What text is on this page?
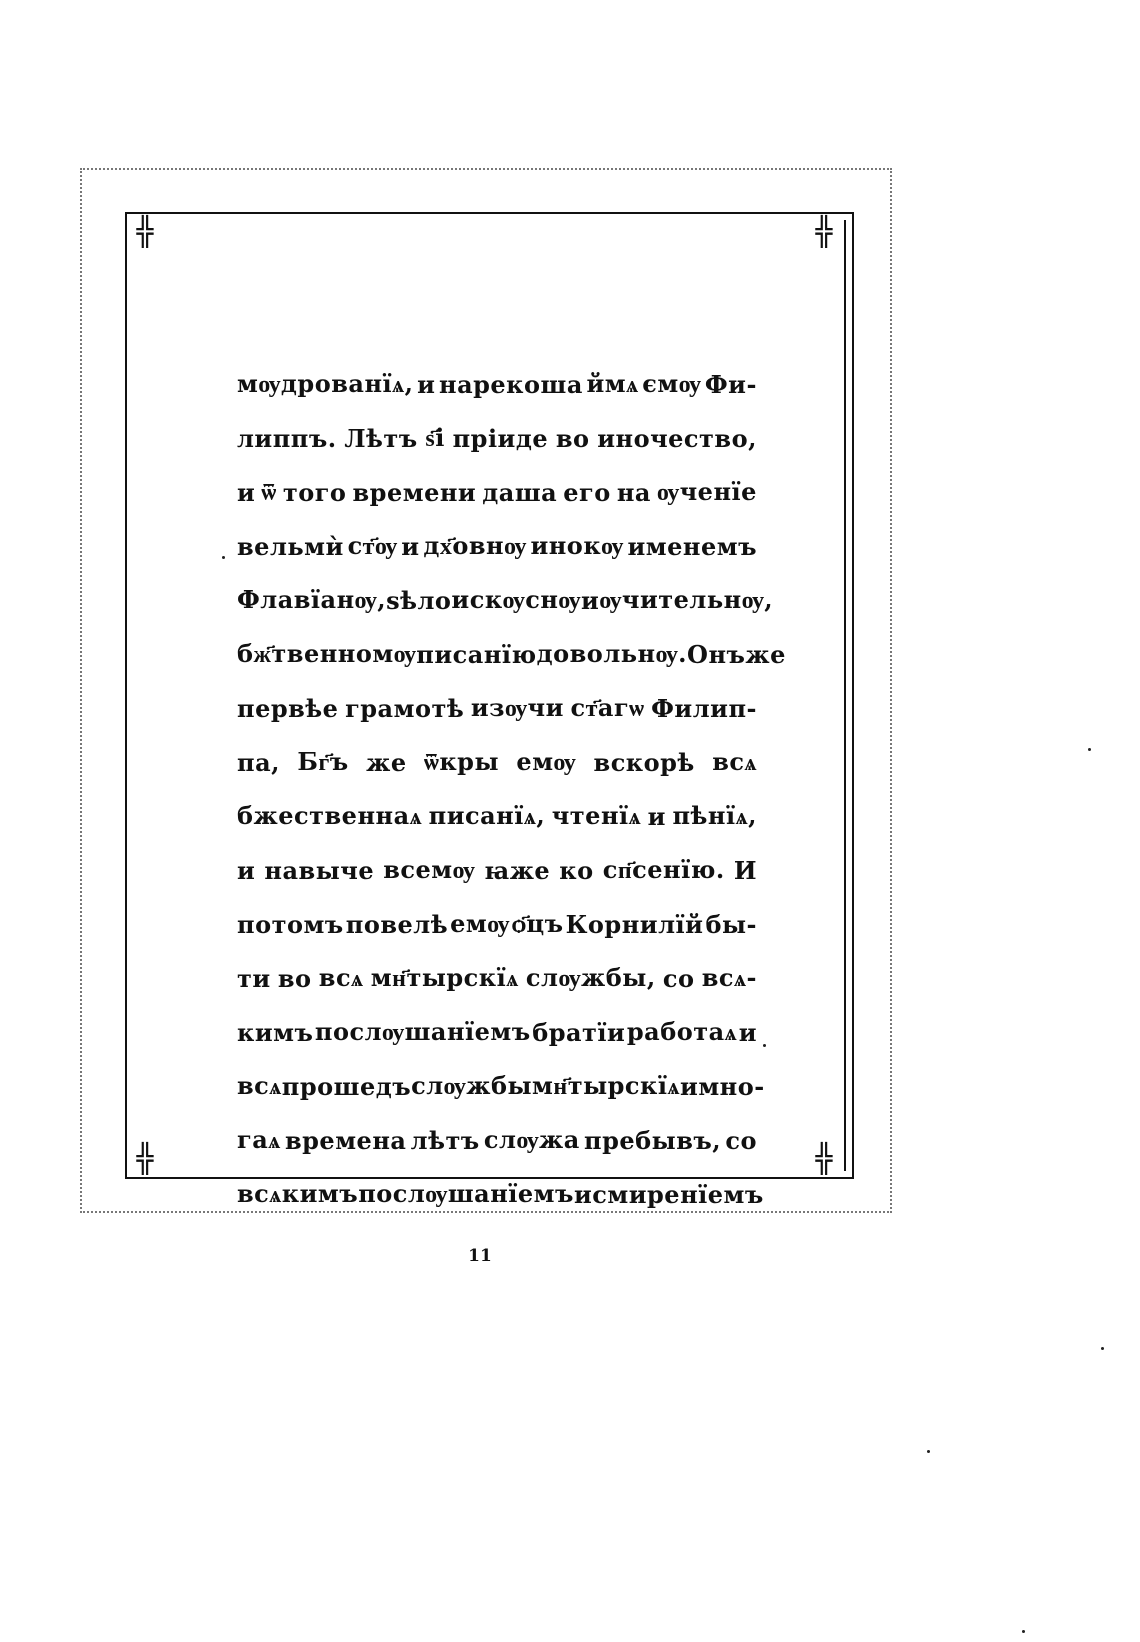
╬	╬
╬	╬
мѹдрованїѧ, и нарекоша ймѧ ємѹ Фи-
липпъ. Лѣтъ ѕ҃і пріиде во иночество,
и ѿ того времени даша его на ѹченїе
вельмѝ ст҃ѹ и дх҃овнѹ инокѹ именемъ
Флавїанѹ, ѕѣло искѹснѹ и ѹчительнѹ,
бж҃твенномѹ писанїю довольнѹ. Онъ же
первѣе грамотѣ изѹчи ст҃агѡ Филип-
па, Бг҃ъ же ѿкры емѹ вскорѣ всѧ
бжественнаѧ писанїѧ, чтенїѧ и пѣнїѧ,
и навыче всемѹ ꙗже ко сп҃сенїю. И
потомъ повелѣ емѹ ѻ҃цъ Корнилїй бы-
ти во всѧ мн҃тырскїѧ слѹжбы, со всѧ-
кимъ послѹшанїемъ братїи работаѧ и
всѧ прошедъ слѹжбы мн҃тырскїѧ и мно-
гаѧ времена лѣтъ слѹжа пребывъ, со
всѧкимъ послѹшанїемъ и смиренїемъ
11
